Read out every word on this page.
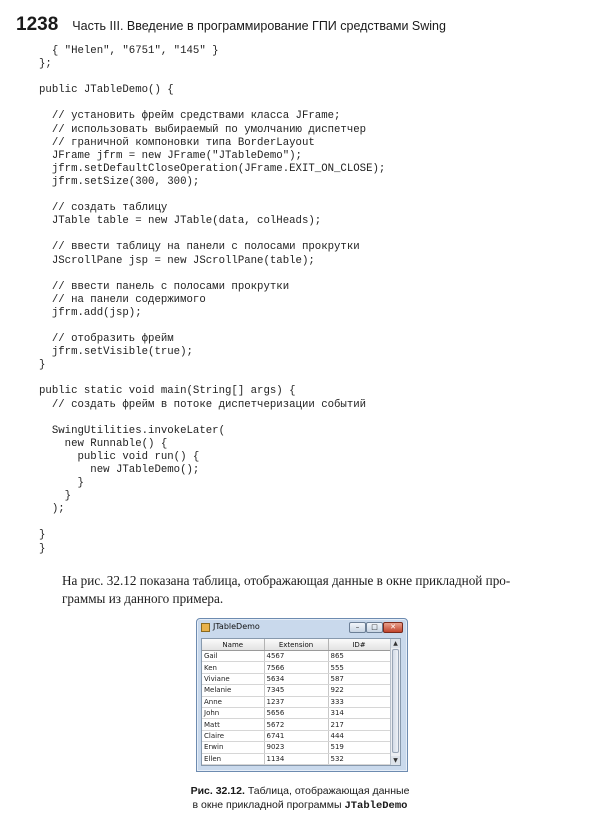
1238 Часть III. Введение в программирование ГПИ средствами Swing
{ "Helen", "6751", "145" }
};
public JTableDemo() {
// установить фрейм средствами класса JFrame;
// использовать выбираемый по умолчанию диспетчер
// граничной компоновки типа BorderLayout
JFrame jfrm = new JFrame("JTableDemo");
jfrm.setDefaultCloseOperation(JFrame.EXIT_ON_CLOSE);
jfrm.setSize(300, 300);
// создать таблицу
JTable table = new JTable(data, colHeads);
// ввести таблицу на панели с полосами прокрутки
JScrollPane jsp = new JScrollPane(table);
// ввести панель с полосами прокрутки
// на панели содержимого
jfrm.add(jsp);
// отобразить фрейм
jfrm.setVisible(true);
}
public static void main(String[] args) {
// создать фрейм в потоке диспетчеризации событий
SwingUtilities.invokeLater(
new Runnable() {
public void run() {
new JTableDemo();
}
}
);
}
}
На рис. 32.12 показана таблица, отображающая данные в окне прикладной про-
граммы из данного примера.
JTableDemo	–	□	✕
Name	Extension	ID#
Gail	4567	865
Ken	7566	555
Viviane	5634	587
Melanie	7345	922
Anne	1237	333
John	5656	314
Matt	5672	217
Claire	6741	444
Erwin	9023	519
Ellen	1134	532
▲
▼
Рис. 32.12. Таблица, отображающая данные
в окне прикладной программы JTableDemo
